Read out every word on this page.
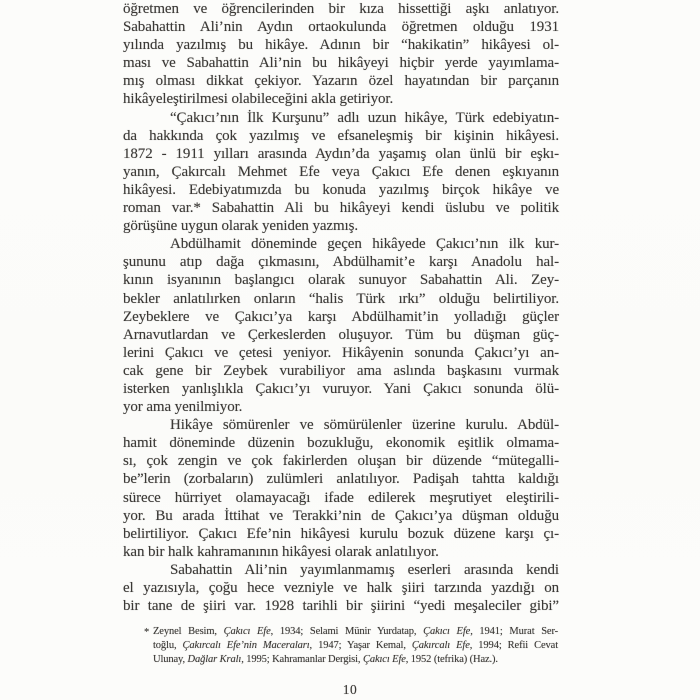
öğretmen ve öğrencilerinden bir kıza hissettiği aşkı anlatıyor.
Sabahattin Ali’nin Aydın ortaokulunda öğretmen olduğu 1931
yılında yazılmış bu hikâye. Adının bir “hakikatin” hikâyesi ol-
ması ve Sabahattin Ali’nin bu hikâyeyi hiçbir yerde yayımlama-
mış olması dikkat çekiyor. Yazarın özel hayatından bir parçanın
hikâyeleştirilmesi olabileceğini akla getiriyor.
“Çakıcı’nın İlk Kurşunu” adlı uzun hikâye, Türk edebiyatın-
da hakkında çok yazılmış ve efsaneleşmiş bir kişinin hikâyesi.
1872 - 1911 yılları arasında Aydın’da yaşamış olan ünlü bir eşkı-
yanın, Çakırcalı Mehmet Efe veya Çakıcı Efe denen eşkıyanın
hikâyesi. Edebiyatımızda bu konuda yazılmış birçok hikâye ve
roman var.* Sabahattin Ali bu hikâyeyi kendi üslubu ve politik
görüşüne uygun olarak yeniden yazmış.
Abdülhamit döneminde geçen hikâyede Çakıcı’nın ilk kur-
şununu atıp dağa çıkmasını, Abdülhamit’e karşı Anadolu hal-
kının isyanının başlangıcı olarak sunuyor Sabahattin Ali. Zey-
bekler anlatılırken onların “halis Türk ırkı” olduğu belirtiliyor.
Zeybeklere ve Çakıcı’ya karşı Abdülhamit’in yolladığı güçler
Arnavutlardan ve Çerkeslerden oluşuyor. Tüm bu düşman güç-
lerini Çakıcı ve çetesi yeniyor. Hikâyenin sonunda Çakıcı’yı an-
cak gene bir Zeybek vurabiliyor ama aslında başkasını vurmak
isterken yanlışlıkla Çakıcı’yı vuruyor. Yani Çakıcı sonunda ölü-
yor ama yenilmiyor.
Hikâye sömürenler ve sömürülenler üzerine kurulu. Abdül-
hamit döneminde düzenin bozukluğu, ekonomik eşitlik olmama-
sı, çok zengin ve çok fakirlerden oluşan bir düzende “mütegalli-
be”lerin (zorbaların) zulümleri anlatılıyor. Padişah tahtta kaldığı
sürece hürriyet olamayacağı ifade edilerek meşrutiyet eleştirili-
yor. Bu arada İttihat ve Terakki’nin de Çakıcı’ya düşman olduğu
belirtiliyor. Çakıcı Efe’nin hikâyesi kurulu bozuk düzene karşı çı-
kan bir halk kahramanının hikâyesi olarak anlatılıyor.
Sabahattin Ali’nin yayımlanmamış eserleri arasında kendi
el yazısıyla, çoğu hece vezniyle ve halk şiiri tarzında yazdığı on
bir tane de şiiri var. 1928 tarihli bir şiirini “yedi meşaleciler gibi”
* Zeynel Besim, Çakıcı Efe, 1934; Selami Münir Yurdatap, Çakıcı Efe, 1941; Murat Ser-
toğlu, Çakırcalı Efe’nin Maceraları, 1947; Yaşar Kemal, Çakırcalı Efe, 1994; Refii Cevat
Ulunay, Dağlar Kralı, 1995; Kahramanlar Dergisi, Çakıcı Efe, 1952 (tefrika) (Haz.).
10
